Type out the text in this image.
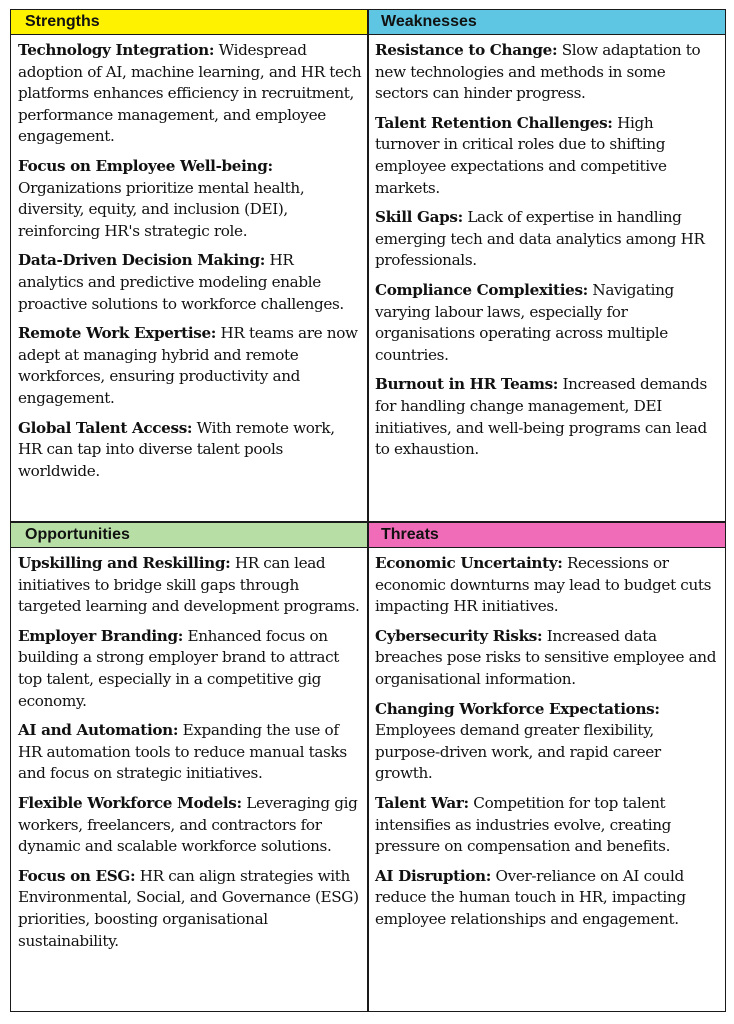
Strengths
Technology Integration: Widespread adoption of AI, machine learning, and HR tech platforms enhances efficiency in recruitment, performance management, and employee engagement.
Focus on Employee Well-being: Organizations prioritize mental health, diversity, equity, and inclusion (DEI), reinforcing HR's strategic role.
Data-Driven Decision Making: HR analytics and predictive modeling enable proactive solutions to workforce challenges.
Remote Work Expertise: HR teams are now adept at managing hybrid and remote workforces, ensuring productivity and engagement.
Global Talent Access: With remote work, HR can tap into diverse talent pools worldwide.
Weaknesses
Resistance to Change: Slow adaptation to new technologies and methods in some sectors can hinder progress.
Talent Retention Challenges: High turnover in critical roles due to shifting employee expectations and competitive markets.
Skill Gaps: Lack of expertise in handling emerging tech and data analytics among HR professionals.
Compliance Complexities: Navigating varying labour laws, especially for organisations operating across multiple countries.
Burnout in HR Teams: Increased demands for handling change management, DEI initiatives, and well-being programs can lead to exhaustion.
Opportunities
Upskilling and Reskilling: HR can lead initiatives to bridge skill gaps through targeted learning and development programs.
Employer Branding: Enhanced focus on building a strong employer brand to attract top talent, especially in a competitive gig economy.
AI and Automation: Expanding the use of HR automation tools to reduce manual tasks and focus on strategic initiatives.
Flexible Workforce Models: Leveraging gig workers, freelancers, and contractors for dynamic and scalable workforce solutions.
Focus on ESG: HR can align strategies with Environmental, Social, and Governance (ESG) priorities, boosting organisational sustainability.
Threats
Economic Uncertainty: Recessions or economic downturns may lead to budget cuts impacting HR initiatives.
Cybersecurity Risks: Increased data breaches pose risks to sensitive employee and organisational information.
Changing Workforce Expectations: Employees demand greater flexibility, purpose-driven work, and rapid career growth.
Talent War: Competition for top talent intensifies as industries evolve, creating pressure on compensation and benefits.
AI Disruption: Over-reliance on AI could reduce the human touch in HR, impacting employee relationships and engagement.
